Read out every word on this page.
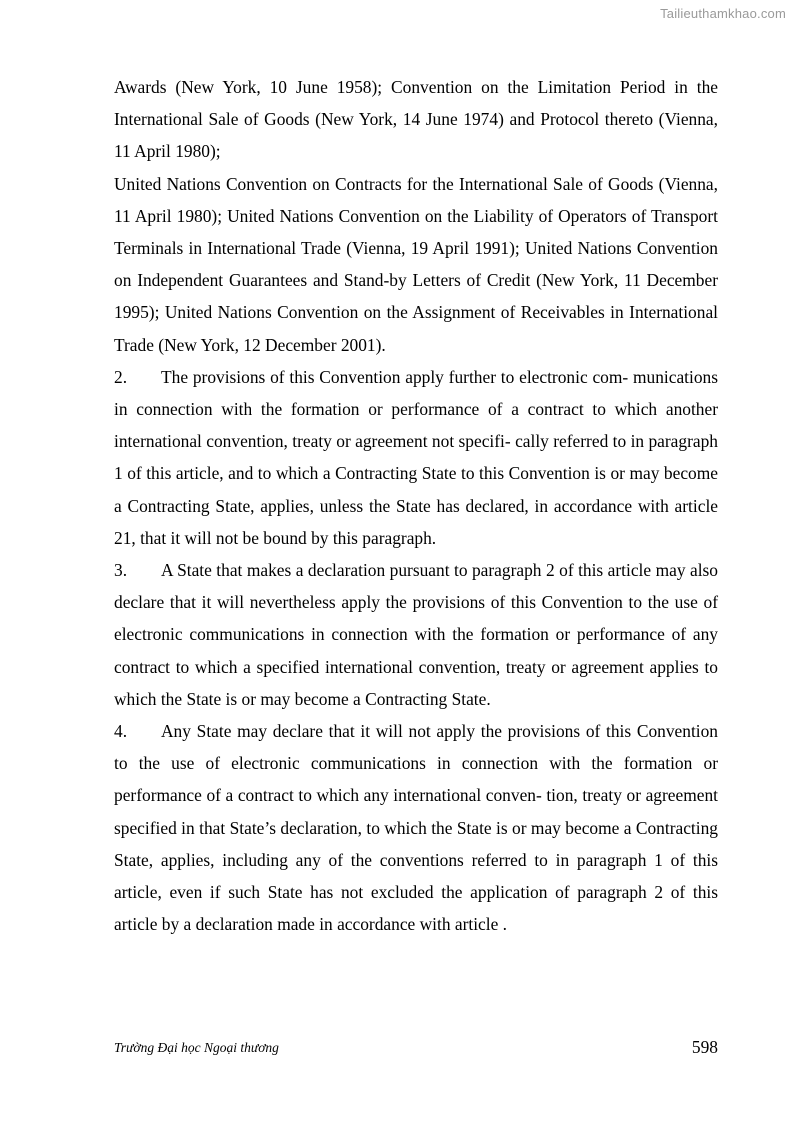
Tailieuthamkhao.com

Awards (New York, 10 June 1958); Convention on the Limitation Period in the International Sale of Goods (New York, 14 June 1974) and Protocol thereto (Vienna, 11 April 1980);

United Nations Convention on Contracts for the International Sale of Goods (Vienna, 11 April 1980); United Nations Convention on the Liability of Operators of Transport Terminals in International Trade (Vienna, 19 April 1991); United Nations Convention on Independent Guarantees and Stand-by Letters of Credit (New York, 11 December 1995); United Nations Convention on the Assignment of Receivables in International Trade (New York, 12 December 2001).

2. The provisions of this Convention apply further to electronic com- munications in connection with the formation or performance of a contract to which another international convention, treaty or agreement not specifi- cally referred to in paragraph 1 of this article, and to which a Contracting State to this Convention is or may become a Contracting State, applies, unless the State has declared, in accordance with article 21, that it will not be bound by this paragraph.

3. A State that makes a declaration pursuant to paragraph 2 of this article may also declare that it will nevertheless apply the provisions of this Convention to the use of electronic communications in connection with the formation or performance of any contract to which a specified international convention, treaty or agreement applies to which the State is or may become a Contracting State.

4. Any State may declare that it will not apply the provisions of this Convention to the use of electronic communications in connection with the formation or performance of a contract to which any international conven- tion, treaty or agreement specified in that State’s declaration, to which the State is or may become a Contracting State, applies, including any of the conventions referred to in paragraph 1 of this article, even if such State has not excluded the application of paragraph 2 of this article by a declaration made in accordance with article .

Trường Đại học Ngoại thương	598
